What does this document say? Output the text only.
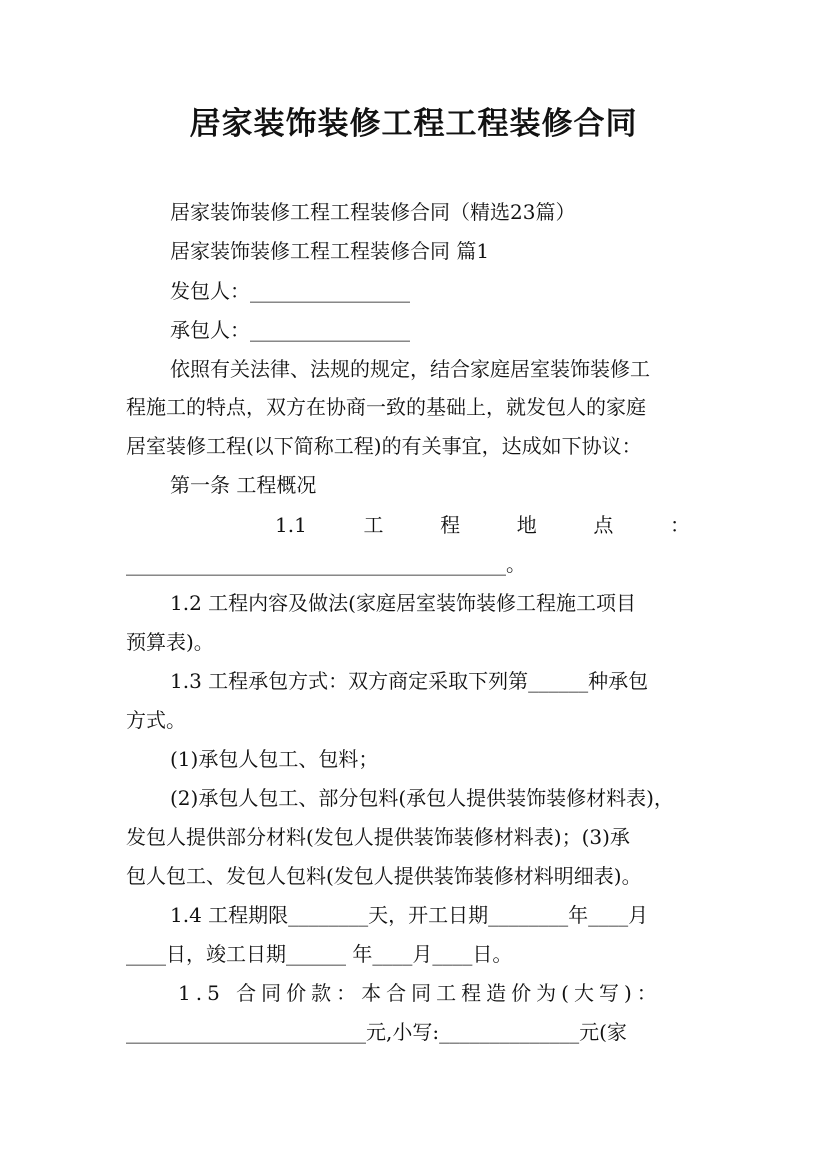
居家装饰装修工程工程装修合同
居家装饰装修工程工程装修合同（精选23篇）
居家装饰装修工程工程装修合同 篇1
发包人：________________
承包人：________________
依照有关法律、法规的规定，结合家庭居室装饰装修工
程施工的特点，双方在协商一致的基础上，就发包人的家庭
居室装修工程(以下简称工程)的有关事宜，达成如下协议：
第一条 工程概况
1.1	工	程	地	点	：
______________________________________。
1.2 工程内容及做法(家庭居室装饰装修工程施工项目
预算表)。
1.3 工程承包方式：双方商定采取下列第______种承包
方式。
(1)承包人包工、包料；
(2)承包人包工、部分包料(承包人提供装饰装修材料表)，
发包人提供部分材料(发包人提供装饰装修材料表)；(3)承
包人包工、发包人包料(发包人提供装饰装修材料明细表)。
1.4 工程期限________天，开工日期________年____月
____日，竣工日期______ 年____月____日。
1.5 合同价款：本合同工程造价为(大写)：
________________________元,小写:______________元(家
